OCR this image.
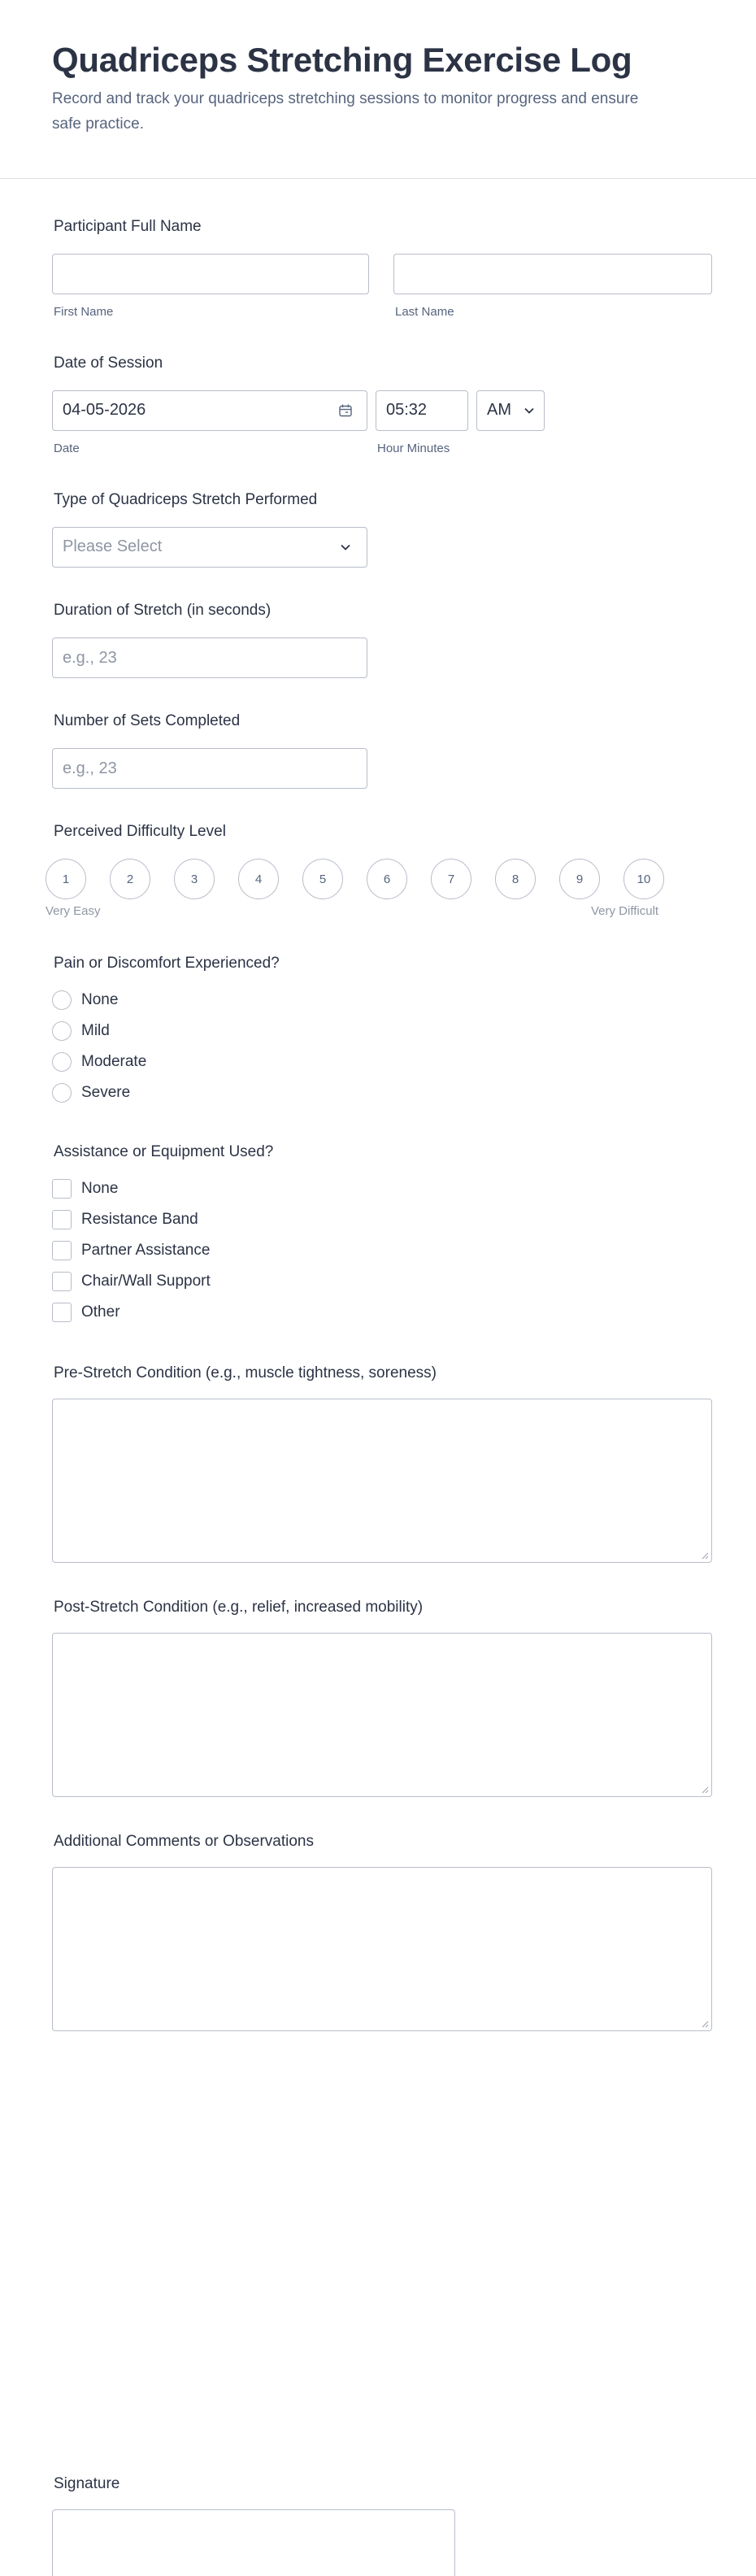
Quadriceps Stretching Exercise Log

Record and track your quadriceps stretching sessions to monitor progress and ensure safe practice.

Participant Full Name
First Name	Last Name
Date of Session
04-05-2026	05:32	AM
Date	Hour Minutes
Type of Quadriceps Stretch Performed
Please Select
Duration of Stretch (in seconds)
e.g., 23
Number of Sets Completed
e.g., 23
Perceived Difficulty Level
1	2	3	4	5	6	7	8	9	10
Very Easy	Very Difficult
Pain or Discomfort Experienced?
None
Mild
Moderate
Severe
Assistance or Equipment Used?
None
Resistance Band
Partner Assistance
Chair/Wall Support
Other
Pre-Stretch Condition (e.g., muscle tightness, soreness)
Post-Stretch Condition (e.g., relief, increased mobility)
Additional Comments or Observations
Signature
